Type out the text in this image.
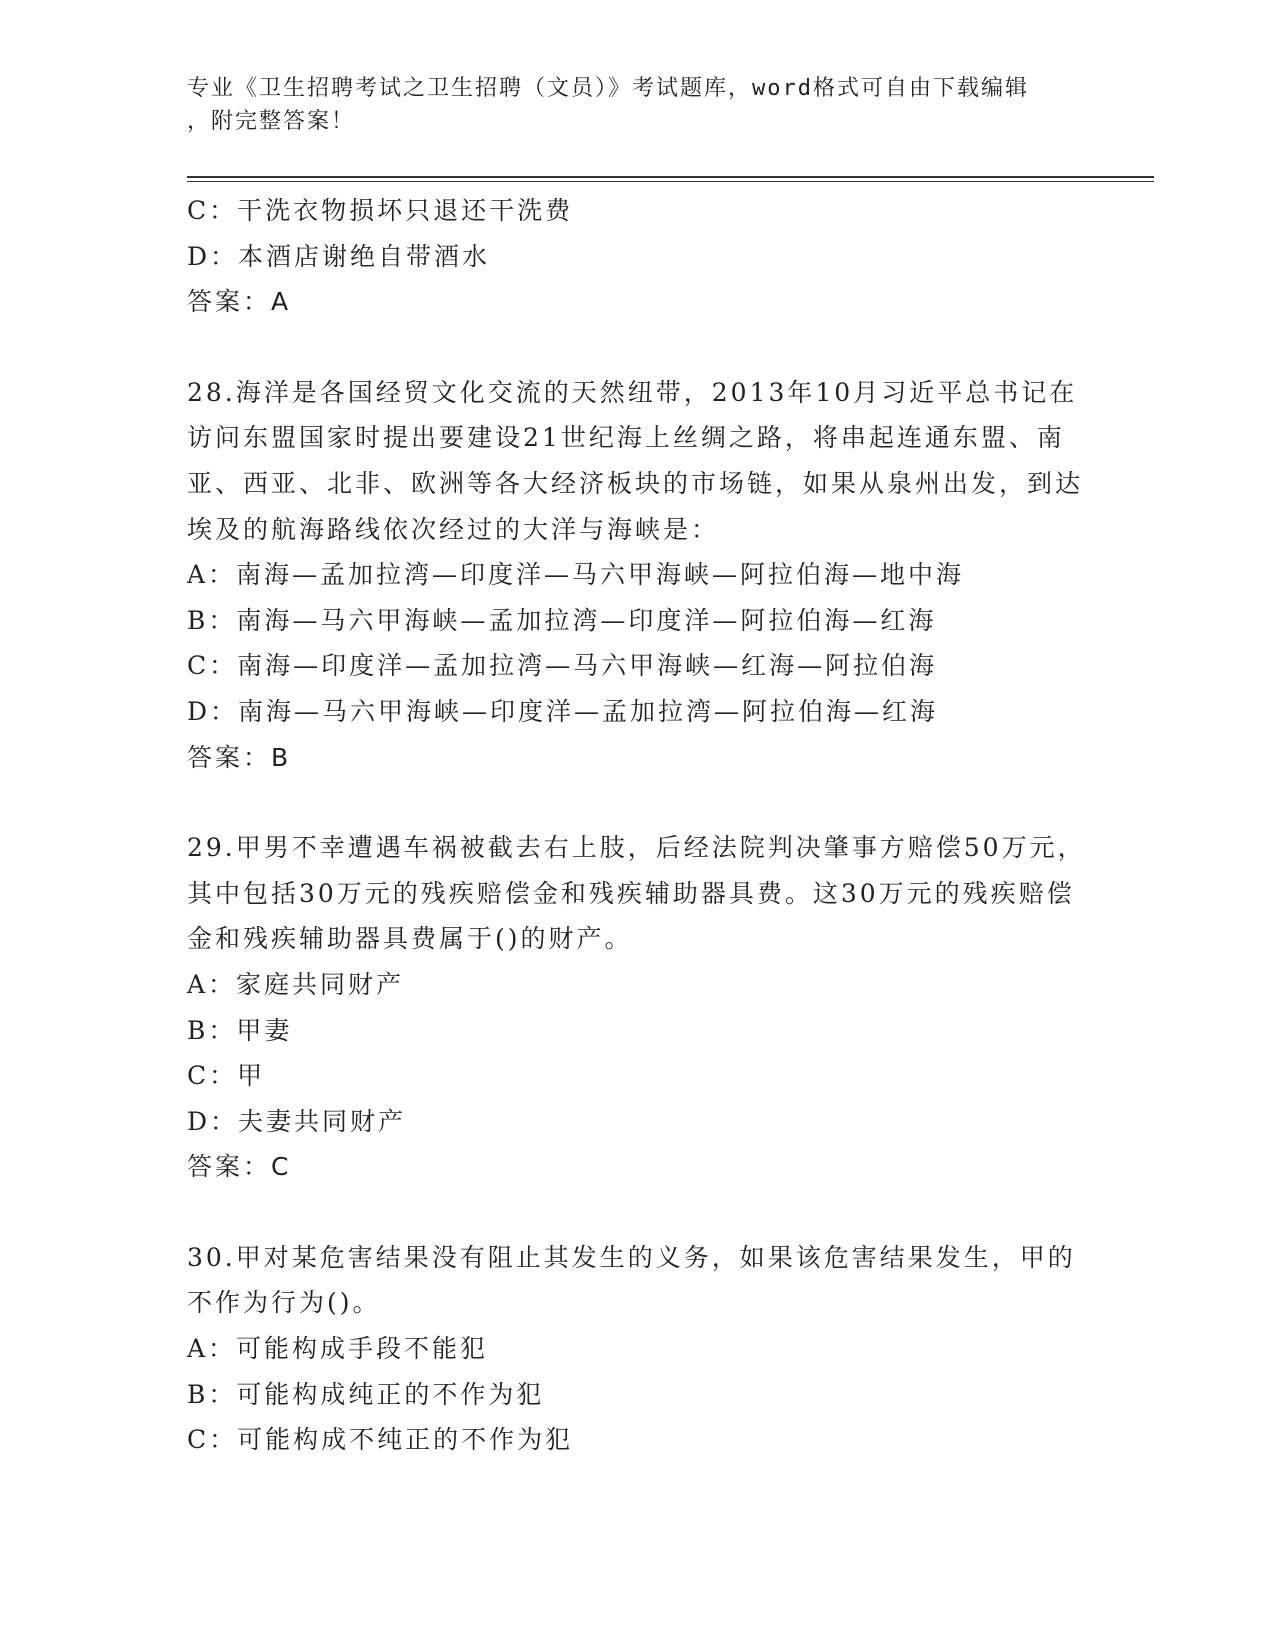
专业《卫生招聘考试之卫生招聘（文员）》考试题库，word格式可自由下载编辑
，附完整答案！

C：干洗衣物损坏只退还干洗费

D：本酒店谢绝自带酒水

答案：A

28.海洋是各国经贸文化交流的天然纽带，2013年10月习近平总书记在访问东盟国家时提出要建设21世纪海上丝绸之路，将串起连通东盟、南亚、西亚、北非、欧洲等各大经济板块的市场链，如果从泉州出发，到达埃及的航海路线依次经过的大洋与海峡是：

A：南海—孟加拉湾—印度洋—马六甲海峡—阿拉伯海—地中海

B：南海—马六甲海峡—孟加拉湾—印度洋—阿拉伯海—红海

C：南海—印度洋—孟加拉湾—马六甲海峡—红海—阿拉伯海

D：南海—马六甲海峡—印度洋—孟加拉湾—阿拉伯海—红海

答案：B

29.甲男不幸遭遇车祸被截去右上肢，后经法院判决肇事方赔偿50万元，其中包括30万元的残疾赔偿金和残疾辅助器具费。这30万元的残疾赔偿金和残疾辅助器具费属于()的财产。

A：家庭共同财产

B：甲妻

C：甲

D：夫妻共同财产

答案：C

30.甲对某危害结果没有阻止其发生的义务，如果该危害结果发生，甲的不作为行为()。

A：可能构成手段不能犯

B：可能构成纯正的不作为犯

C：可能构成不纯正的不作为犯
